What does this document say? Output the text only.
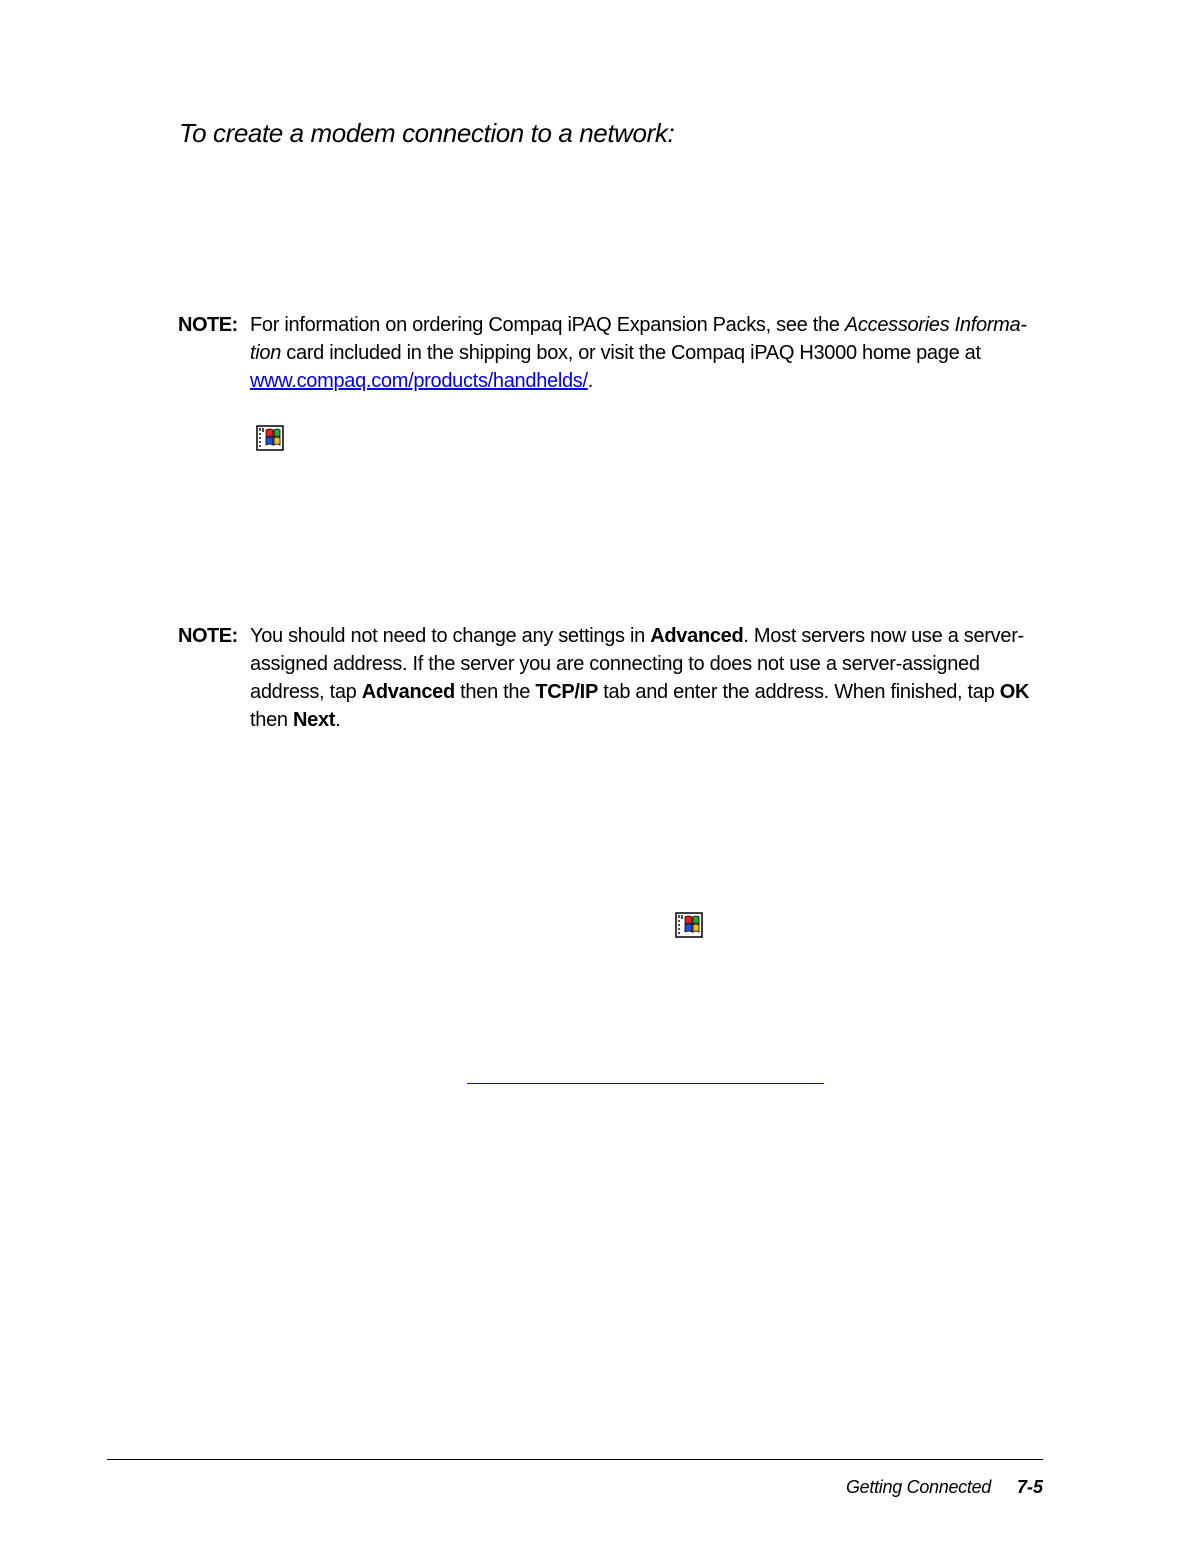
To create a modem connection to a network:
NOTE: For information on ordering Compaq iPAQ Expansion Packs, see the Accessories Informa-tion card included in the shipping box, or visit the Compaq iPAQ H3000 home page at www.compaq.com/products/handhelds/.
NOTE: You should not need to change any settings in Advanced. Most servers now use a server-assigned address. If the server you are connecting to does not use a server-assigned address, tap Advanced then the TCP/IP tab and enter the address. When finished, tap OK then Next.
Getting Connected 7-5
